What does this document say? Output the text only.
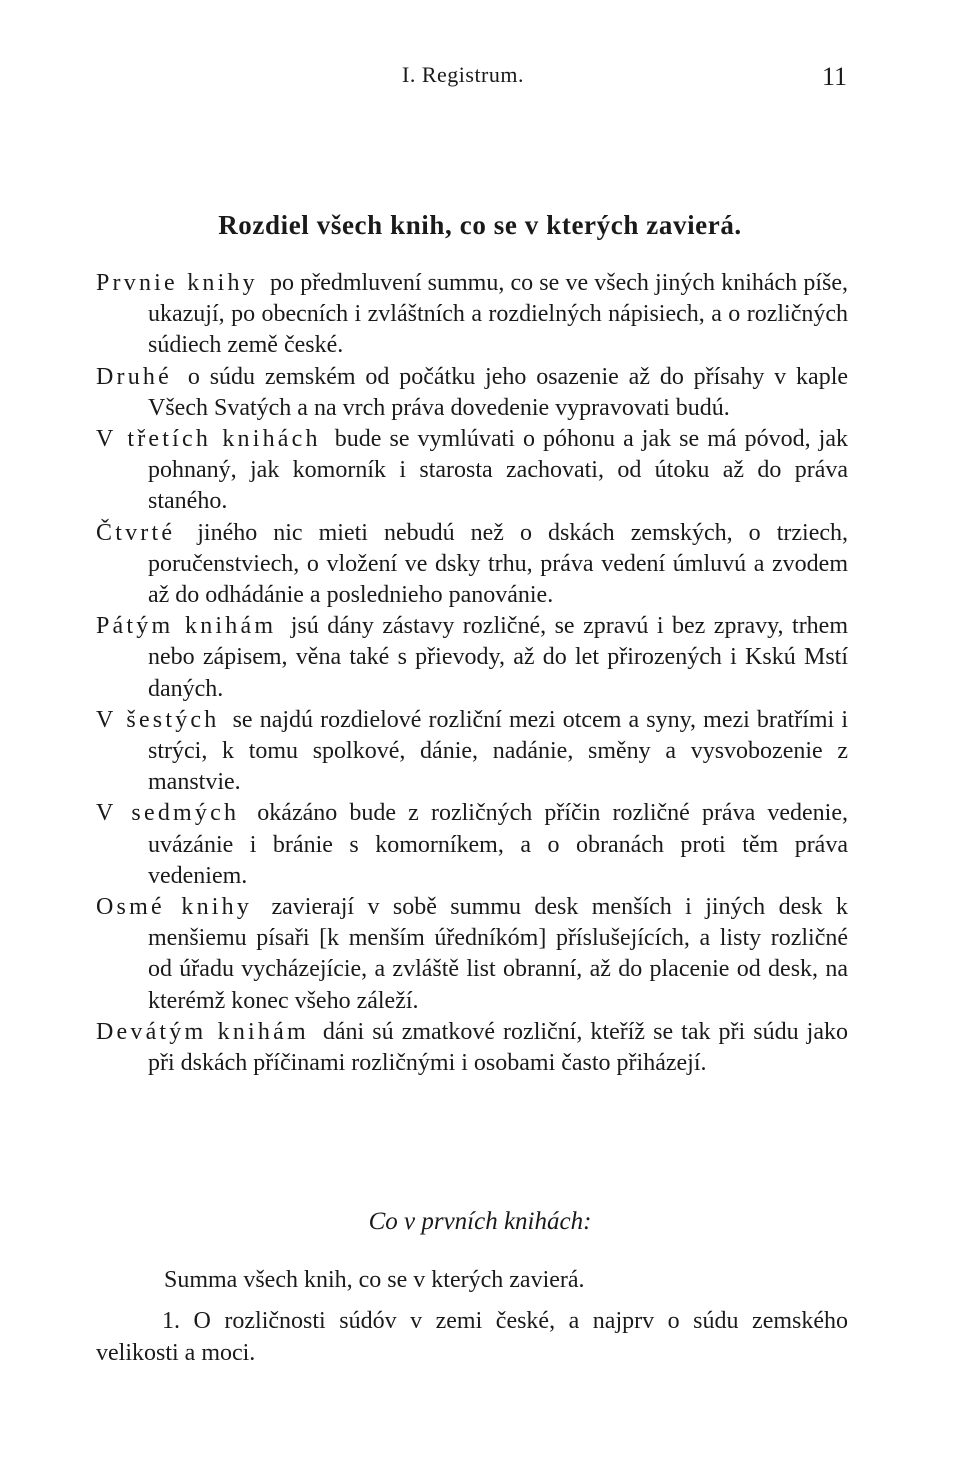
I. Registrum.	11
Rozdiel všech knih, co se v kterých zavierá.

Prvnie knihy po předmluvení summu, co se ve všech jiných knihách píše, ukazují, po obecních i zvláštních a rozdielných nápisiech, a o rozličných súdiech země české.

Druhé o súdu zemském od počátku jeho osazenie až do přísahy v kaple Všech Svatých a na vrch práva dovedenie vypravovati budú.

V třetích knihách bude se vymlúvati o póhonu a jak se má póvod, jak pohnaný, jak komorník i starosta zachovati, od útoku až do práva staného.

Čtvrté jiného nic mieti nebudú než o dskách zemských, o trziech, poručenstviech, o vložení ve dsky trhu, práva vedení úmluvú a zvodem až do odhádánie a poslednieho panovánie.

Pátým knihám jsú dány zástavy rozličné, se zpravú i bez zpravy, trhem nebo zápisem, věna také s přievody, až do let přirozených i Kskú Mstí daných.

V šestých se najdú rozdielové rozliční mezi otcem a syny, mezi bratřími i strýci, k tomu spolkové, dánie, nadánie, směny a vysvobozenie z manstvie.

V sedmých okázáno bude z rozličných příčin rozličné práva vedenie, uvázánie i bránie s komorníkem, a o obranách proti těm práva vedeniem.

Osmé knihy zavierají v sobě summu desk menších i jiných desk k menšiemu písaři [k menším úředníkóm] příslušejících, a listy rozličné od úřadu vycházejície, a zvláště list obranní, až do placenie od desk, na kterémž konec všeho záleží.

Devátým knihám dáni sú zmatkové rozliční, kteříž se tak při súdu jako při dskách příčinami rozličnými i osobami často přiházejí.

Co v prvních knihách:
Summa všech knih, co se v kterých zavierá.
1. O rozličnosti súdóv v zemi české, a najprv o súdu zemského velikosti a moci.
